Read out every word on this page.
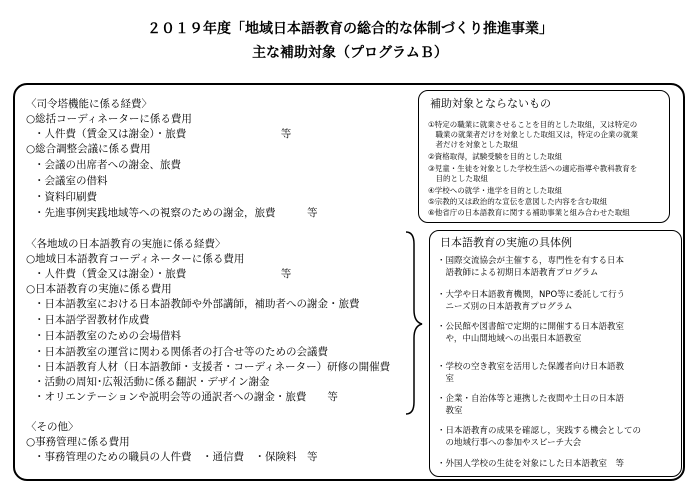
２０１９年度「地域日本語教育の総合的な体制づくり推進事業」
主な補助対象（プログラムＢ）
〈司令塔機能に係る経費〉
○総括コーディネーターに係る費用
・人件費（賃金又は謝金）・旅費　　　　　　　　　等
○総合調整会議に係る費用
・会議の出席者への謝金、旅費
・会議室の借料
・資料印刷費
・先進事例実践地域等への視察のための謝金，旅費　　　等
〈各地域の日本語教育の実施に係る経費〉
○地域日本語教育コーディネーターに係る費用
・人件費（賃金又は謝金）・旅費　　　　　　　　　等
○日本語教育の実施に係る費用
・日本語教室における日本語教師や外部講師，補助者への謝金・旅費
・日本語学習教材作成費
・日本語教室のための会場借料
・日本語教室の運営に関わる関係者の打合せ等のための会議費
・日本語教育人材（日本語教師・支援者・コーディネーター）研修の開催費
・活動の周知･広報活動に係る翻訳・デザイン謝金
・オリエンテーションや説明会等の通訳者への謝金・旅費　　等
〈その他〉
○事務管理に係る費用
・事務管理のための職員の人件費　・通信費　・保険料　等
補助対象とならないもの
①特定の職業に就業させることを目的とした取組，又は特定の
　職業の就業者だけを対象とした取組又は，特定の企業の就業
　者だけを対象とした取組
②資格取得，試験受験を目的とした取組
③児童・生徒を対象とした学校生活への適応指導や教科教育を
　目的とした取組
④学校への就学・進学を目的とした取組
⑤宗教的又は政治的な宣伝を意図した内容を含む取組
⑥他省庁の日本語教育に関する補助事業と組み合わせた取組
日本語教育の実施の具体例
・国際交流協会が主催する，専門性を有する日本
　語教師による初期日本語教育プログラム
・大学や日本語教育機関，NPO等に委託して行う
　ニーズ別の日本語教育プログラム
・公民館や図書館で定期的に開催する日本語教室
　や，中山間地域への出張日本語教室
・学校の空き教室を活用した保護者向け日本語教
　室
・企業・自治体等と連携した夜間や土日の日本語
　教室
・日本語教育の成果を確認し，実践する機会としての
　の地域行事への参加やスピーチ大会
・外国人学校の生徒を対象にした日本語教室　等
